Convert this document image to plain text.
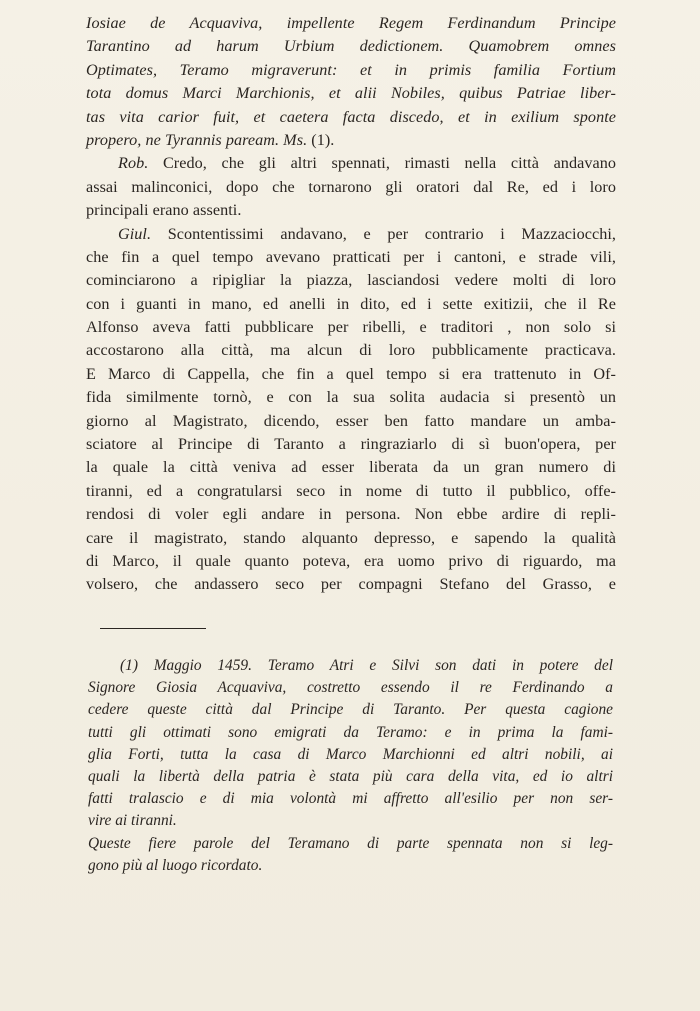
Iosiae de Acquaviva, impellente Regem Ferdinandum Principe
Tarantino ad harum Urbium dedictionem. Quamobrem omnes
Optimates, Teramo migraverunt: et in primis familia Fortium
tota domus Marci Marchionis, et alii Nobiles, quibus Patriae liber-
tas vita carior fuit, et caetera facta discedo, et in exilium sponte
propero, ne Tyrannis paream. Ms. (1).
Rob. Credo, che gli altri spennati, rimasti nella città andavano
assai malinconici, dopo che tornarono gli oratori dal Re, ed i loro
principali erano assenti.
Giul. Scontentissimi andavano, e per contrario i Mazzaciocchi,
che fin a quel tempo avevano pratticati per i cantoni, e strade vili,
cominciarono a ripigliar la piazza, lasciandosi vedere molti di loro
con i guanti in mano, ed anelli in dito, ed i sette exitizii, che il Re
Alfonso aveva fatti pubblicare per ribelli, e traditori , non solo si
accostarono alla città, ma alcun di loro pubblicamente practicava.
E Marco di Cappella, che fin a quel tempo si era trattenuto in Of-
fida similmente tornò, e con la sua solita audacia si presentò un
giorno al Magistrato, dicendo, esser ben fatto mandare un amba-
sciatore al Principe di Taranto a ringraziarlo di sì buon'opera, per
la quale la città veniva ad esser liberata da un gran numero di
tiranni, ed a congratularsi seco in nome di tutto il pubblico, offe-
rendosi di voler egli andare in persona. Non ebbe ardire di repli-
care il magistrato, stando alquanto depresso, e sapendo la qualità
di Marco, il quale quanto poteva, era uomo privo di riguardo, ma
volsero, che andassero seco per compagni Stefano del Grasso, e
(1) Maggio 1459. Teramo Atri e Silvi son dati in potere del
Signore Giosia Acquaviva, costretto essendo il re Ferdinando a
cedere queste città dal Principe di Taranto. Per questa cagione
tutti gli ottimati sono emigrati da Teramo: e in prima la fami-
glia Forti, tutta la casa di Marco Marchionni ed altri nobili, ai
quali la libertà della patria è stata più cara della vita, ed io altri
fatti tralascio e di mia volontà mi affretto all'esilio per non ser-
vire ai tiranni.
Queste fiere parole del Teramano di parte spennata non si leg-
gono più al luogo ricordato.
